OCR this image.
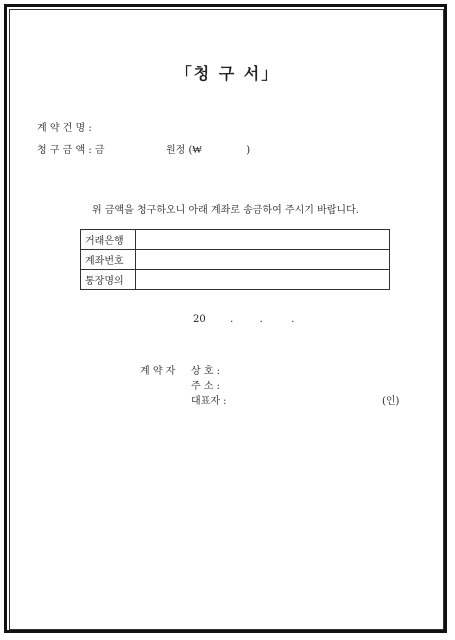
「청 구 서」
계 약 건 명 :
청 구 금 액 : 금	원정 (₩	)
위 금액을 청구하오니 아래 계좌로 송금하여 주시기 바랍니다.
거래은행	
계좌번호	
통장명의	
20 .	.	.
계 약 자 상 호 :
주 소 :
대표자 :	(인)
